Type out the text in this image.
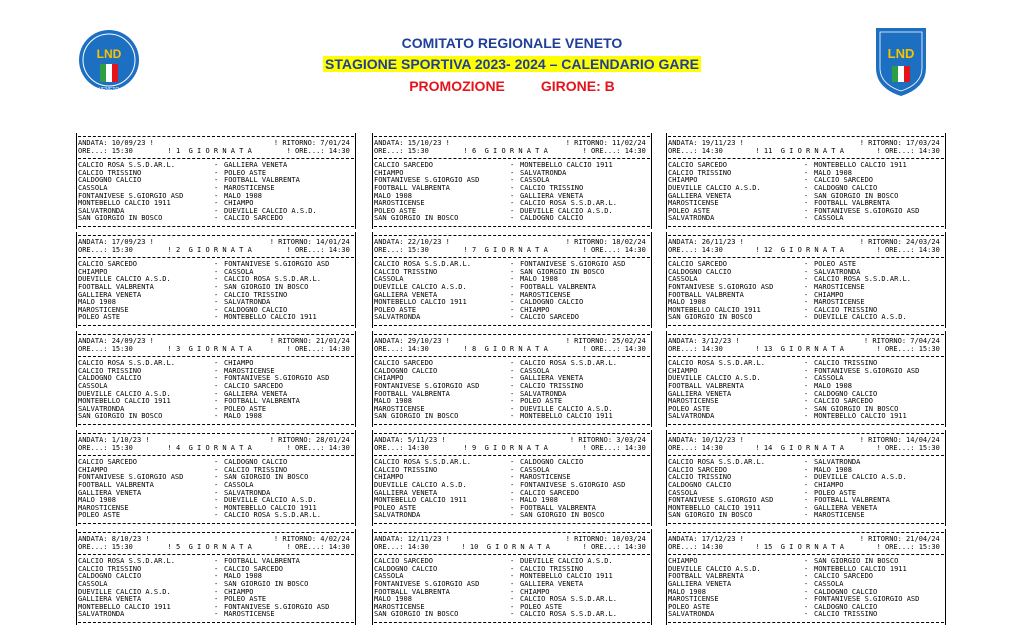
LND
VENETO
LND
COMITATO REGIONALE VENETO
STAGIONE SPORTIVA 2023- 2024 – CALENDARIO GARE
PROMOZIONE	GIRONE: B
ANDATA: 10/09/23 !	! RITORNO: 7/01/24
ORE...: 15:30	! 1  G I O R N A T A	! ORE...: 14:30
CALCIO ROSA S.S.D.AR.L.	- GALLIERA VENETA
CALCIO TRISSINO	- POLEO ASTE
CALDOGNO CALCIO	- FOOTBALL VALBRENTA
CASSOLA	- MAROSTICENSE
FONTANIVESE S.GIORGIO ASD	- MALO 1908
MONTEBELLO CALCIO 1911	- CHIAMPO
SALVATRONDA	- DUEVILLE CALCIO A.S.D.
SAN GIORGIO IN BOSCO	- CALCIO SARCEDO
ANDATA: 17/09/23 !	! RITORNO: 14/01/24
ORE...: 15:30	! 2  G I O R N A T A	! ORE...: 14:30
CALCIO SARCEDO	- FONTANIVESE S.GIORGIO ASD
CHIAMPO	- CASSOLA
DUEVILLE CALCIO A.S.D.	- CALCIO ROSA S.S.D.AR.L.
FOOTBALL VALBRENTA	- SAN GIORGIO IN BOSCO
GALLIERA VENETA	- CALCIO TRISSINO
MALO 1908	- SALVATRONDA
MAROSTICENSE	- CALDOGNO CALCIO
POLEO ASTE	- MONTEBELLO CALCIO 1911
ANDATA: 24/09/23 !	! RITORNO: 21/01/24
ORE...: 15:30	! 3  G I O R N A T A	! ORE...: 14:30
CALCIO ROSA S.S.D.AR.L.	- CHIAMPO
CALCIO TRISSINO	- MAROSTICENSE
CALDOGNO CALCIO	- FONTANIVESE S.GIORGIO ASD
CASSOLA	- CALCIO SARCEDO
DUEVILLE CALCIO A.S.D.	- GALLIERA VENETA
MONTEBELLO CALCIO 1911	- FOOTBALL VALBRENTA
SALVATRONDA	- POLEO ASTE
SAN GIORGIO IN BOSCO	- MALO 1908
ANDATA: 1/10/23 !	! RITORNO: 28/01/24
ORE...: 15:30	! 4  G I O R N A T A	! ORE...: 14:30
CALCIO SARCEDO	- CALDOGNO CALCIO
CHIAMPO	- CALCIO TRISSINO
FONTANIVESE S.GIORGIO ASD	- SAN GIORGIO IN BOSCO
FOOTBALL VALBRENTA	- CASSOLA
GALLIERA VENETA	- SALVATRONDA
MALO 1908	- DUEVILLE CALCIO A.S.D.
MAROSTICENSE	- MONTEBELLO CALCIO 1911
POLEO ASTE	- CALCIO ROSA S.S.D.AR.L.
ANDATA: 8/10/23 !	! RITORNO: 4/02/24
ORE...: 15:30	! 5  G I O R N A T A	! ORE...: 14:30
CALCIO ROSA S.S.D.AR.L.	- FOOTBALL VALBRENTA
CALCIO TRISSINO	- CALCIO SARCEDO
CALDOGNO CALCIO	- MALO 1908
CASSOLA	- SAN GIORGIO IN BOSCO
DUEVILLE CALCIO A.S.D.	- CHIAMPO
GALLIERA VENETA	- POLEO ASTE
MONTEBELLO CALCIO 1911	- FONTANIVESE S.GIORGIO ASD
SALVATRONDA	- MAROSTICENSE
ANDATA: 15/10/23 !	! RITORNO: 11/02/24
ORE...: 15:30	! 6  G I O R N A T A	! ORE...: 14:30
CALCIO SARCEDO	- MONTEBELLO CALCIO 1911
CHIAMPO	- SALVATRONDA
FONTANIVESE S.GIORGIO ASD	- CASSOLA
FOOTBALL VALBRENTA	- CALCIO TRISSINO
MALO 1908	- GALLIERA VENETA
MAROSTICENSE	- CALCIO ROSA S.S.D.AR.L.
POLEO ASTE	- DUEVILLE CALCIO A.S.D.
SAN GIORGIO IN BOSCO	- CALDOGNO CALCIO
ANDATA: 22/10/23 !	! RITORNO: 18/02/24
ORE...: 15:30	! 7  G I O R N A T A	! ORE...: 14:30
CALCIO ROSA S.S.D.AR.L.	- FONTANIVESE S.GIORGIO ASD
CALCIO TRISSINO	- SAN GIORGIO IN BOSCO
CASSOLA	- MALO 1908
DUEVILLE CALCIO A.S.D.	- FOOTBALL VALBRENTA
GALLIERA VENETA	- MAROSTICENSE
MONTEBELLO CALCIO 1911	- CALDOGNO CALCIO
POLEO ASTE	- CHIAMPO
SALVATRONDA	- CALCIO SARCEDO
ANDATA: 29/10/23 !	! RITORNO: 25/02/24
ORE...: 14:30	! 8  G I O R N A T A	! ORE...: 14:30
CALCIO SARCEDO	- CALCIO ROSA S.S.D.AR.L.
CALDOGNO CALCIO	- CASSOLA
CHIAMPO	- GALLIERA VENETA
FONTANIVESE S.GIORGIO ASD	- CALCIO TRISSINO
FOOTBALL VALBRENTA	- SALVATRONDA
MALO 1908	- POLEO ASTE
MAROSTICENSE	- DUEVILLE CALCIO A.S.D.
SAN GIORGIO IN BOSCO	- MONTEBELLO CALCIO 1911
ANDATA: 5/11/23 !	! RITORNO: 3/03/24
ORE...: 14:30	! 9  G I O R N A T A	! ORE...: 14:30
CALCIO ROSA S.S.D.AR.L.	- CALDOGNO CALCIO
CALCIO TRISSINO	- CASSOLA
CHIAMPO	- MAROSTICENSE
DUEVILLE CALCIO A.S.D.	- FONTANIVESE S.GIORGIO ASD
GALLIERA VENETA	- CALCIO SARCEDO
MONTEBELLO CALCIO 1911	- MALO 1908
POLEO ASTE	- FOOTBALL VALBRENTA
SALVATRONDA	- SAN GIORGIO IN BOSCO
ANDATA: 12/11/23 !	! RITORNO: 10/03/24
ORE...: 14:30	! 10  G I O R N A T A	! ORE...: 14:30
CALCIO SARCEDO	- DUEVILLE CALCIO A.S.D.
CALDOGNO CALCIO	- CALCIO TRISSINO
CASSOLA	- MONTEBELLO CALCIO 1911
FONTANIVESE S.GIORGIO ASD	- GALLIERA VENETA
FOOTBALL VALBRENTA	- CHIAMPO
MALO 1908	- CALCIO ROSA S.S.D.AR.L.
MAROSTICENSE	- POLEO ASTE
SAN GIORGIO IN BOSCO	- CALCIO ROSA S.S.D.AR.L.
ANDATA: 19/11/23 !	! RITORNO: 17/03/24
ORE...: 14:30	! 11  G I O R N A T A	! ORE...: 14:30
CALCIO SARCEDO	- MONTEBELLO CALCIO 1911
CALCIO TRISSINO	- MALO 1908
CHIAMPO	- CALCIO SARCEDO
DUEVILLE CALCIO A.S.D.	- CALDOGNO CALCIO
GALLIERA VENETA	- SAN GIORGIO IN BOSCO
MAROSTICENSE	- FOOTBALL VALBRENTA
POLEO ASTE	- FONTANIVESE S.GIORGIO ASD
SALVATRONDA	- CASSOLA
ANDATA: 26/11/23 !	! RITORNO: 24/03/24
ORE...: 14:30	! 12  G I O R N A T A	! ORE...: 14:30
CALCIO SARCEDO	- POLEO ASTE
CALDOGNO CALCIO	- SALVATRONDA
CASSOLA	- CALCIO ROSA S.S.D.AR.L.
FONTANIVESE S.GIORGIO ASD	- MAROSTICENSE
FOOTBALL VALBRENTA	- CHIAMPO
MALO 1908	- MAROSTICENSE
MONTEBELLO CALCIO 1911	- CALCIO TRISSINO
SAN GIORGIO IN BOSCO	- DUEVILLE CALCIO A.S.D.
ANDATA: 3/12/23 !	! RITORNO: 7/04/24
ORE...: 14:30	! 13  G I O R N A T A	! ORE...: 15:30
CALCIO ROSA S.S.D.AR.L.	- CALCIO TRISSINO
CHIAMPO	- FONTANIVESE S.GIORGIO ASD
DUEVILLE CALCIO A.S.D.	- CASSOLA
FOOTBALL VALBRENTA	- MALO 1908
GALLIERA VENETA	- CALDOGNO CALCIO
MAROSTICENSE	- CALCIO SARCEDO
POLEO ASTE	- SAN GIORGIO IN BOSCO
SALVATRONDA	- MONTEBELLO CALCIO 1911
ANDATA: 10/12/23 !	! RITORNO: 14/04/24
ORE...: 14:30	! 14  G I O R N A T A	! ORE...: 15:30
CALCIO ROSA S.S.D.AR.L.	- SALVATRONDA
CALCIO SARCEDO	- MALO 1908
CALCIO TRISSINO	- DUEVILLE CALCIO A.S.D.
CALDOGNO CALCIO	- CHIAMPO
CASSOLA	- POLEO ASTE
FONTANIVESE S.GIORGIO ASD	- FOOTBALL VALBRENTA
MONTEBELLO CALCIO 1911	- GALLIERA VENETA
SAN GIORGIO IN BOSCO	- MAROSTICENSE
ANDATA: 17/12/23 !	! RITORNO: 21/04/24
ORE...: 14:30	! 15  G I O R N A T A	! ORE...: 15:30
CHIAMPO	- SAN GIORGIO IN BOSCO
DUEVILLE CALCIO A.S.D.	- MONTEBELLO CALCIO 1911
FOOTBALL VALBRENTA	- CALCIO SARCEDO
GALLIERA VENETA	- CASSOLA
MALO 1908	- CALDOGNO CALCIO
MAROSTICENSE	- FONTANIVESE S.GIORGIO ASD
POLEO ASTE	- CALDOGNO CALCIO
SALVATRONDA	- CALCIO TRISSINO
